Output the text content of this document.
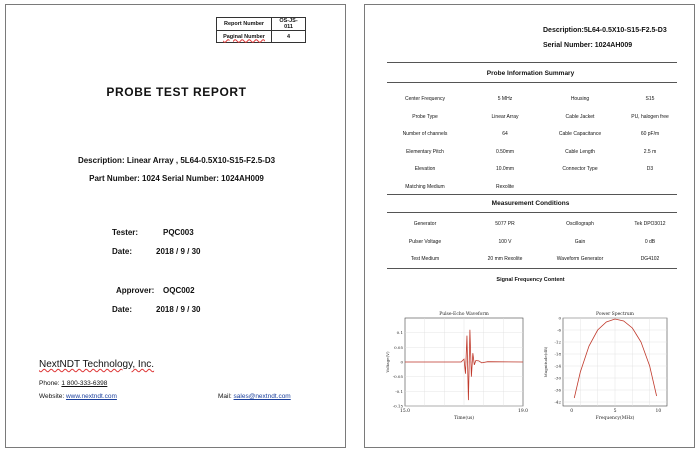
Report Number	OS-JS-011
Paginal Number	4
PROBE TEST REPORT
Description: Linear Array , 5L64-0.5X10-S15-F2.5-D3
Part Number: 1024 Serial Number: 1024AH009
Tester:	PQC003
Date:	2018 / 9 / 30
Approver: OQC002
Date:	2018 / 9 / 30
NextNDT Technology, Inc.
Phone: 1 800-333-6398
Website: www.nextndt.com	Mail: sales@nextndt.com
Description:5L64-0.5X10-S15-F2.5-D3
Serial Number: 1024AH009
Probe Information Summary
Center Frequency	5 MHz	Housing	S15
Probe Type	Linear Array	Cable Jacket	PU, halogen free
Number of channels	64	Cable Capacitance	60 pF/m
Elementary Pitch	0.50mm	Cable Length	2.5 m
Elevation	10.0mm	Connector Type	D3
Matching Medium	Rexolite
Measurement Conditions
Generator	5077 PR	Oscillograph	Tek DPO3012
Pulser Voltage	100 V	Gain	0 dB
Test Medium	20 mm Rexolite	Waveform Generator	DG4102
Signal Frequency Content
0.1
0.05
0
-0.05
-0.1
-0.15
15.0	19.0
Pulse-Echo Waveform
Time(us)
Voltage(V)
0
-6
-12
-18
-24
-30
-36
-42
0	5	10
Power Spectrum
Frequency(MHz)
Magnitude(dB)
